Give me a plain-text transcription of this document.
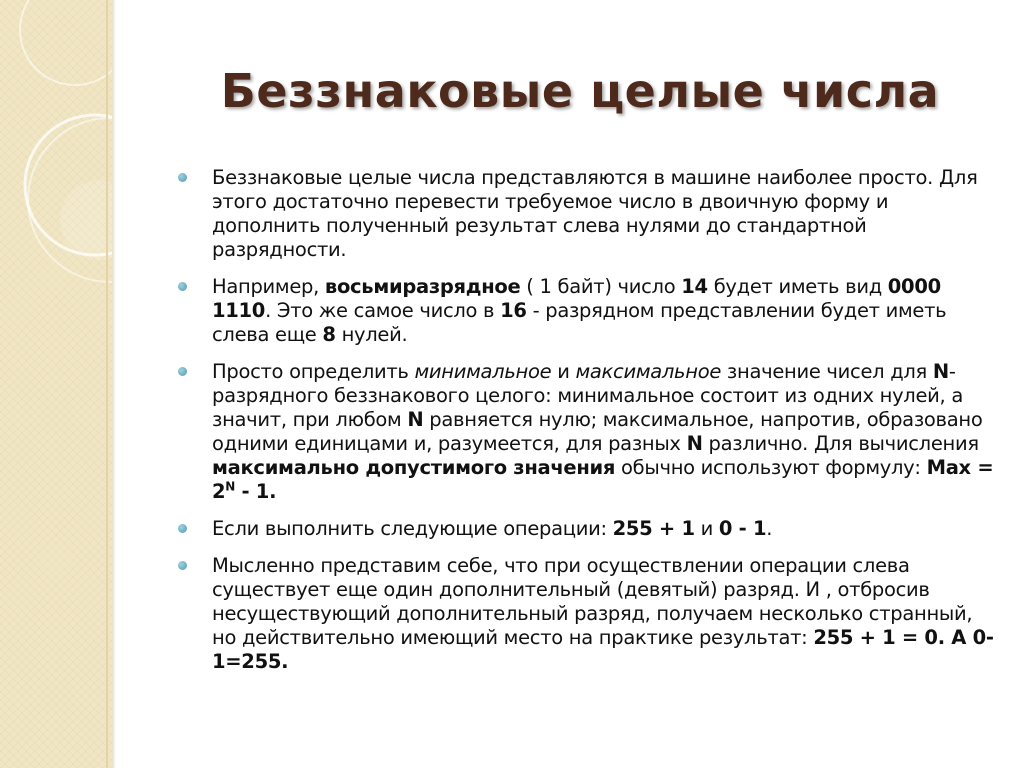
Беззнаковые целые числа
Беззнаковые целые числа представляются в машине наиболее просто. Для этого достаточно перевести требуемое число в двоичную форму и дополнить полученный результат слева нулями до стандартной разрядности.
Например, восьмиразрядное ( 1 байт) число 14 будет иметь вид 0000 1110. Это же самое число в 16 - разрядном представлении будет иметь слева еще 8 нулей.
Просто определить минимальное и максимальное значение чисел для N-разрядного беззнакового целого: минимальное состоит из одних нулей, а значит, при любом N равняется нулю; максимальное, напротив, образовано одними единицами и, разумеется, для разных N различно. Для вычисления максимально допустимого значения обычно используют формулу: Max = $2^N - 1$.
Если выполнить следующие операции: 255 + 1 и 0 - 1.
Мысленно представим себе, что при осуществлении операции слева существует еще один дополнительный (девятый) разряд. И , отбросив несуществующий дополнительный разряд, получаем несколько странный, но действительно имеющий место на практике результат: 255 + 1 = 0. А 0-1=255.
